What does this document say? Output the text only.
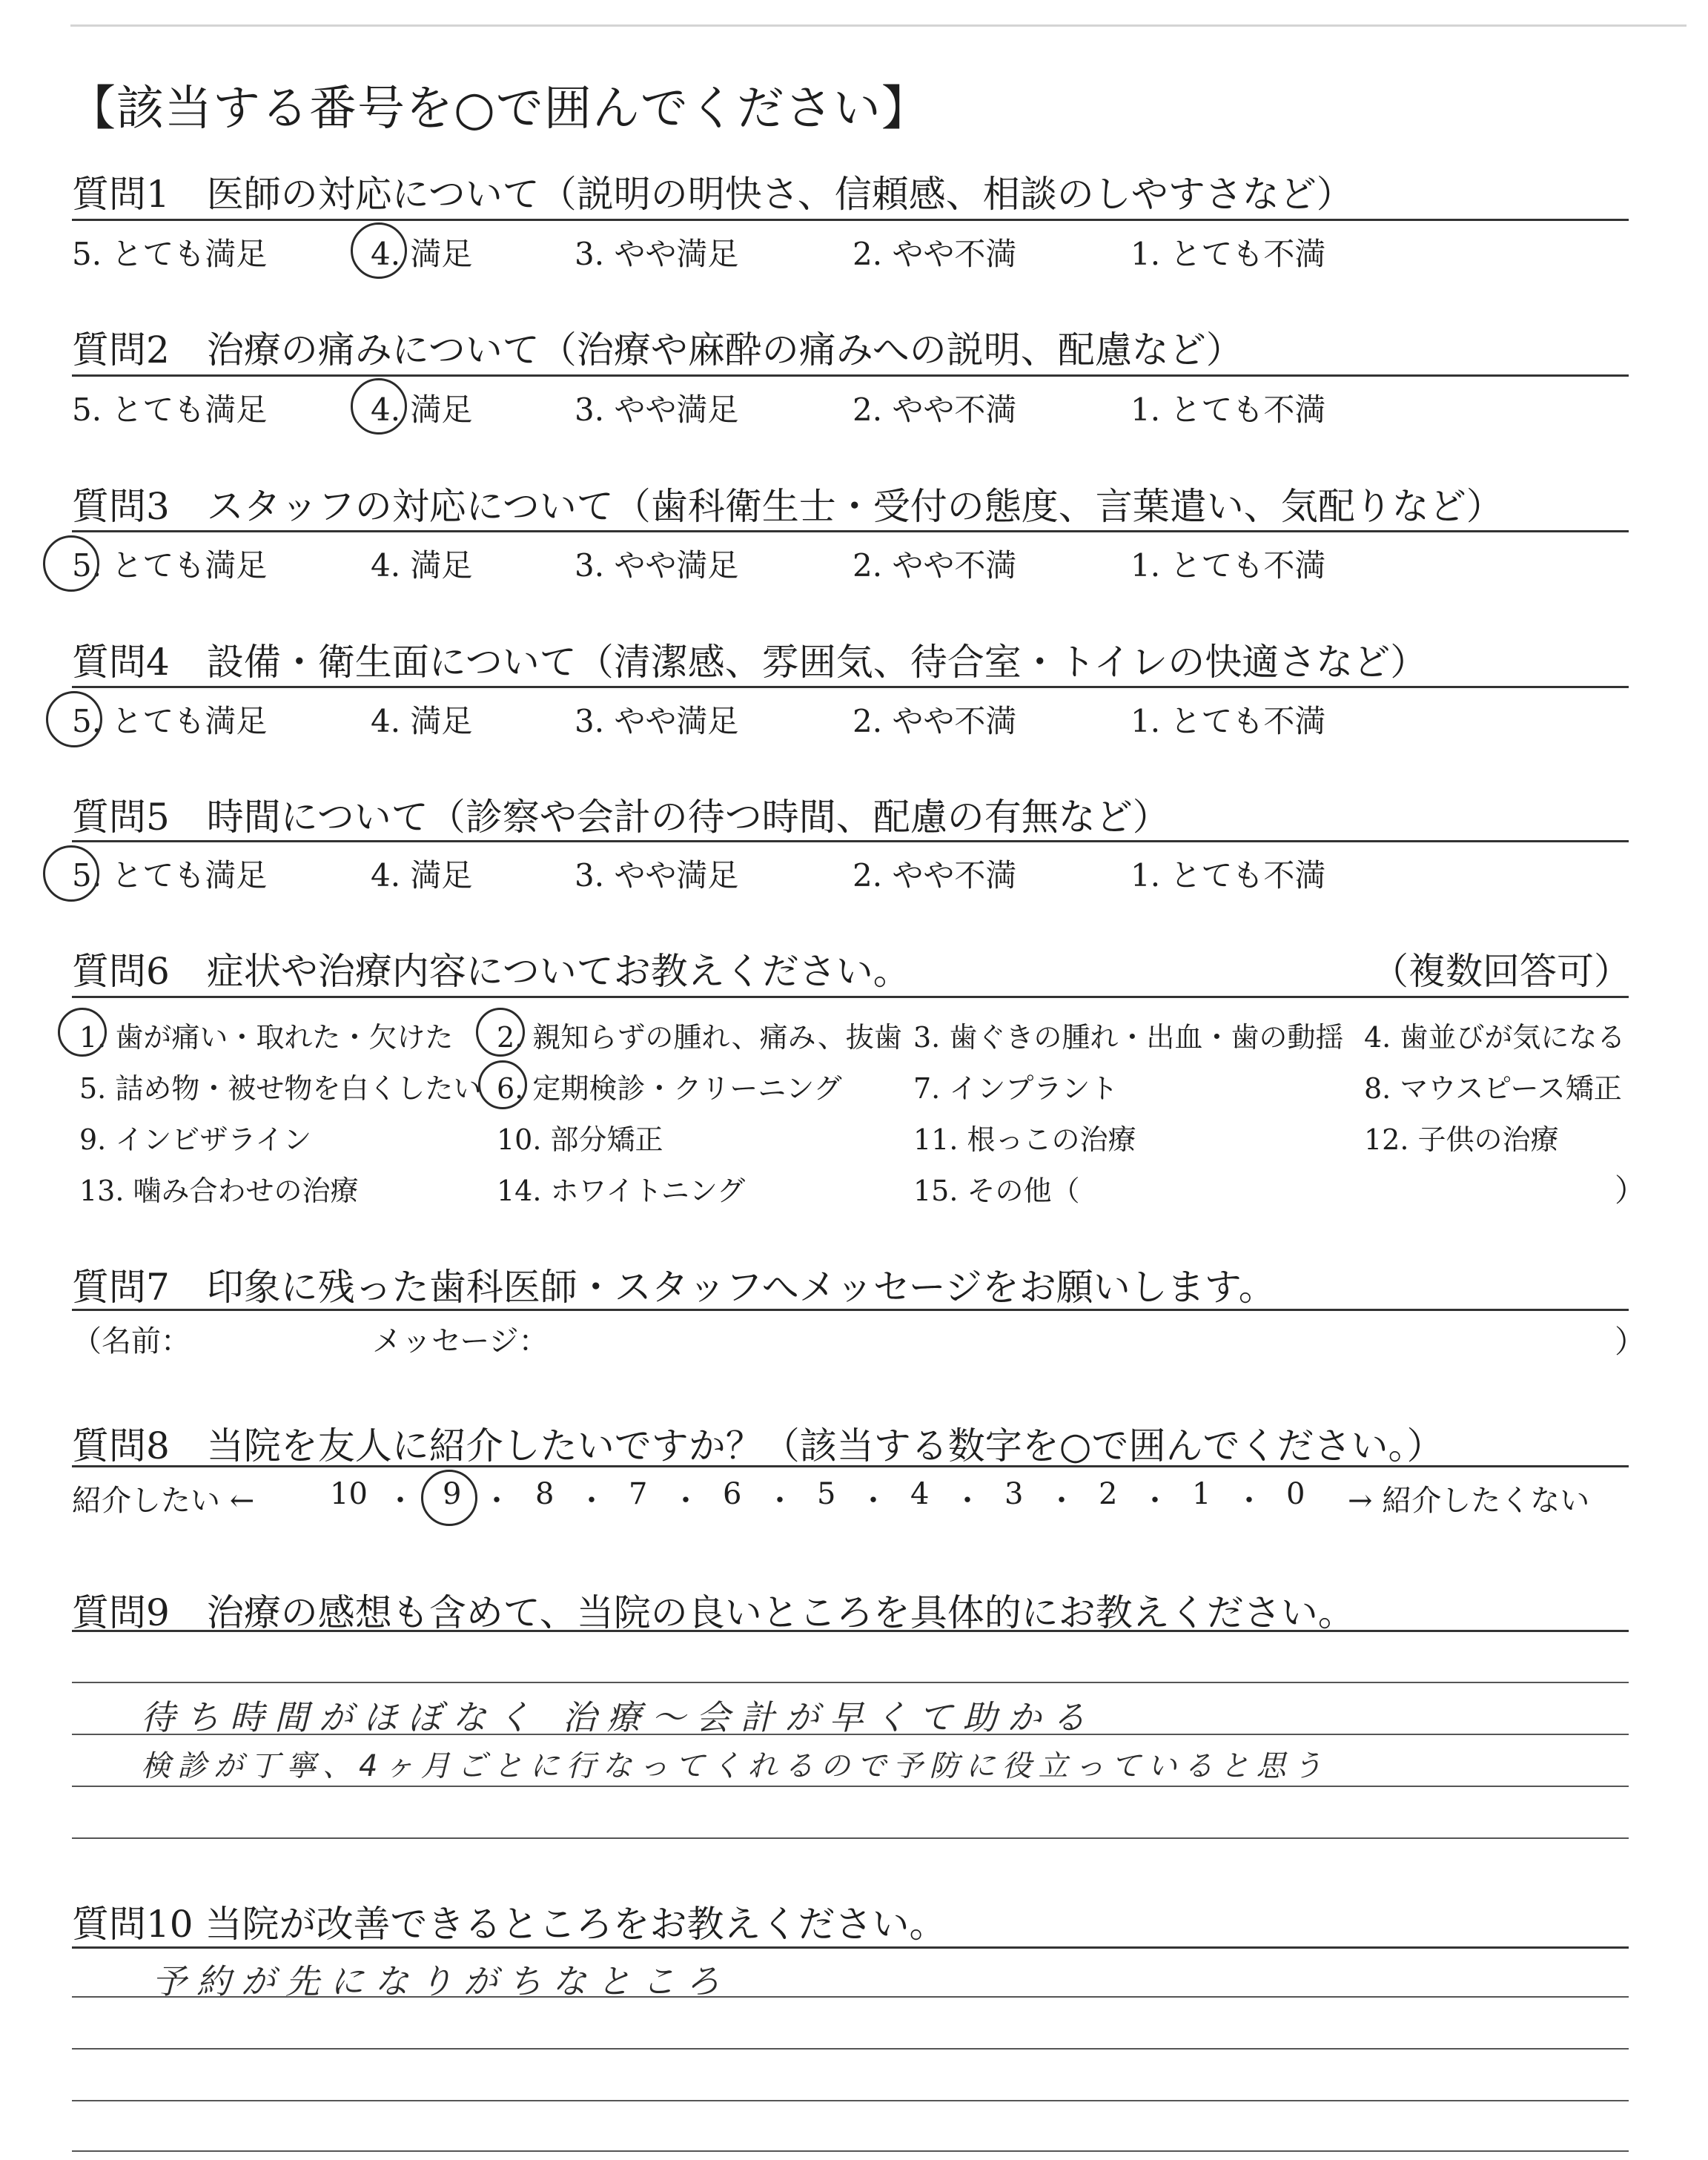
【該当する番号を○で囲んでください】
質問1　医師の対応について（説明の明快さ、信頼感、相談のしやすさなど）
5. とても満足	4. 満足	3. やや満足	2. やや不満	1. とても不満
質問2　治療の痛みについて（治療や麻酔の痛みへの説明、配慮など）
5. とても満足	4. 満足	3. やや満足	2. やや不満	1. とても不満
質問3　スタッフの対応について（歯科衛生士・受付の態度、言葉遣い、気配りなど）
5. とても満足	4. 満足	3. やや満足	2. やや不満	1. とても不満
質問4　設備・衛生面について（清潔感、雰囲気、待合室・トイレの快適さなど）
5. とても満足	4. 満足	3. やや満足	2. やや不満	1. とても不満
質問5　時間について（診察や会計の待つ時間、配慮の有無など）
5. とても満足	4. 満足	3. やや満足	2. やや不満	1. とても不満
質問6　症状や治療内容についてお教えください。	（複数回答可）
1. 歯が痛い・取れた・欠けた 2. 親知らずの腫れ、痛み、抜歯 3. 歯ぐきの腫れ・出血・歯の動揺 4. 歯並びが気になる
5. 詰め物・被せ物を白くしたい 6. 定期検診・クリーニング	7. インプラント	8. マウスピース矯正
9. インビザライン	10. 部分矯正	11. 根っこの治療	12. 子供の治療
13. 噛み合わせの治療	14. ホワイトニング	15. その他（	）
質問7　印象に残った歯科医師・スタッフへメッセージをお願いします。
（名前：	メッセージ：	）
質問8　当院を友人に紹介したいですか？（該当する数字を○で囲んでください。）
紹介したい ←	10 ・ 9 ・ 8 ・ 7 ・ 6 ・ 5 ・ 4 ・ 3 ・ 2 ・ 1 ・ 0 → 紹介したくない
質問9　治療の感想も含めて、当院の良いところを具体的にお教えください。
待ち時間がほぼなく 治療～会計が早くて助かる
検診が丁寧、4ヶ月ごとに行なってくれるので予防に役立っていると思う
質問10 当院が改善できるところをお教えください。
予約が先になりがちなところ
